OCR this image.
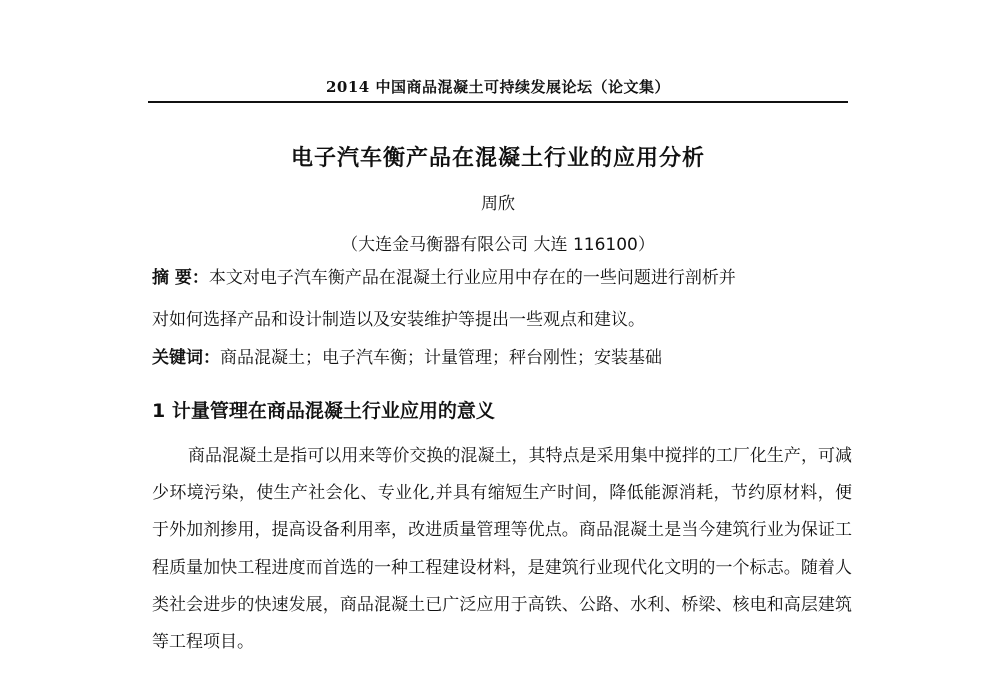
2014 中国商品混凝土可持续发展论坛（论文集）
电子汽车衡产品在混凝土行业的应用分析
周欣
（大连金马衡器有限公司 大连 116100）
摘 要：本文对电子汽车衡产品在混凝土行业应用中存在的一些问题进行剖析并
对如何选择产品和设计制造以及安装维护等提出一些观点和建议。
关键词：商品混凝土；电子汽车衡；计量管理；秤台刚性；安装基础
1 计量管理在商品混凝土行业应用的意义

商品混凝土是指可以用来等价交换的混凝土，其特点是采用集中搅拌的工厂化生产，可减少环境污染，使生产社会化、专业化,并具有缩短生产时间，降低能源消耗，节约原材料，便于外加剂掺用，提高设备利用率，改进质量管理等优点。商品混凝土是当今建筑行业为保证工程质量加快工程进度而首选的一种工程建设材料，是建筑行业现代化文明的一个标志。随着人类社会进步的快速发展，商品混凝土已广泛应用于高铁、公路、水利、桥梁、核电和高层建筑等工程项目。
